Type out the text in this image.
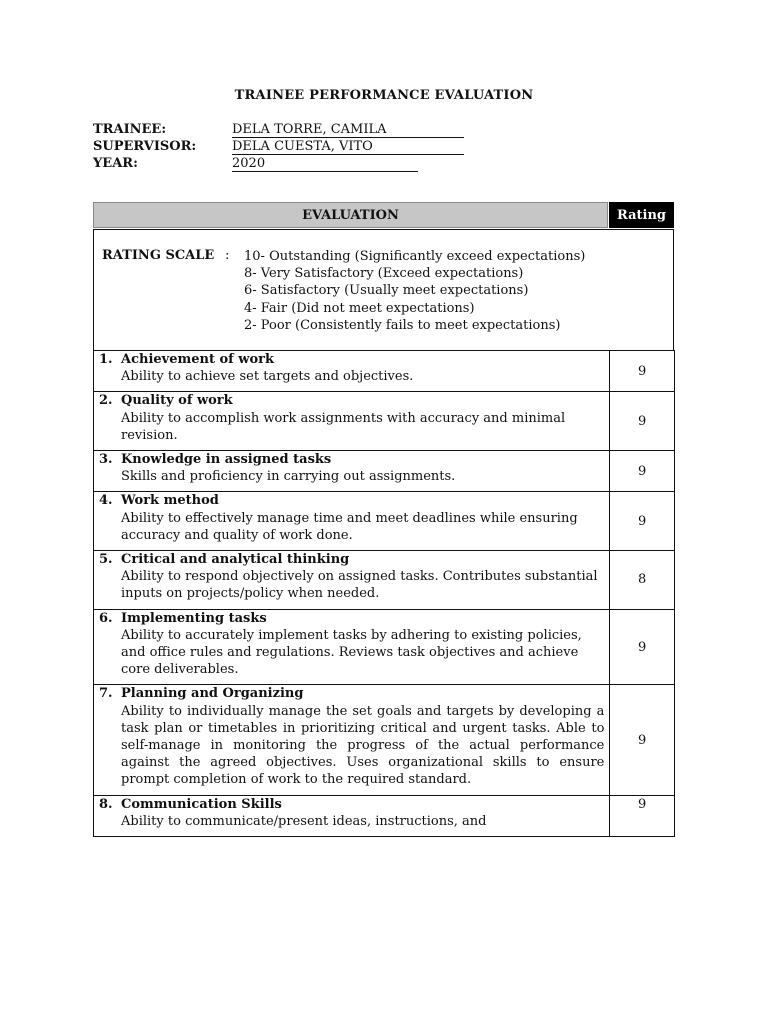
TRAINEE PERFORMANCE EVALUATION
TRAINEE:	DELA TORRE, CAMILA
SUPERVISOR:	DELA CUESTA, VITO
YEAR:	2020
EVALUATION	Rating
RATING SCALE : 10- Outstanding (Significantly exceed expectations)
8- Very Satisfactory (Exceed expectations)
6- Satisfactory (Usually meet expectations)
4- Fair (Did not meet expectations)
2- Poor (Consistently fails to meet expectations)
1. Achievement of work
Ability to achieve set targets and objectives.	9

2. Quality of work
Ability to accomplish work assignments with accuracy and minimal revision.	9

3. Knowledge in assigned tasks
Skills and proficiency in carrying out assignments.	9

4. Work method
Ability to effectively manage time and meet deadlines while ensuring accuracy and quality of work done.	9

5. Critical and analytical thinking
Ability to respond objectively on assigned tasks. Contributes substantial inputs on projects/policy when needed.	8

6. Implementing tasks
Ability to accurately implement tasks by adhering to existing policies, and office rules and regulations. Reviews task objectives and achieve core deliverables.	9

7. Planning and Organizing
Ability to individually manage the set goals and targets by developing a task plan or timetables in prioritizing critical and urgent tasks. Able to self-manage in monitoring the progress of the actual performance against the agreed objectives. Uses organizational skills to ensure prompt completion of work to the required standard.	9

8. Communication Skills
Ability to communicate/present ideas, instructions, and	9
